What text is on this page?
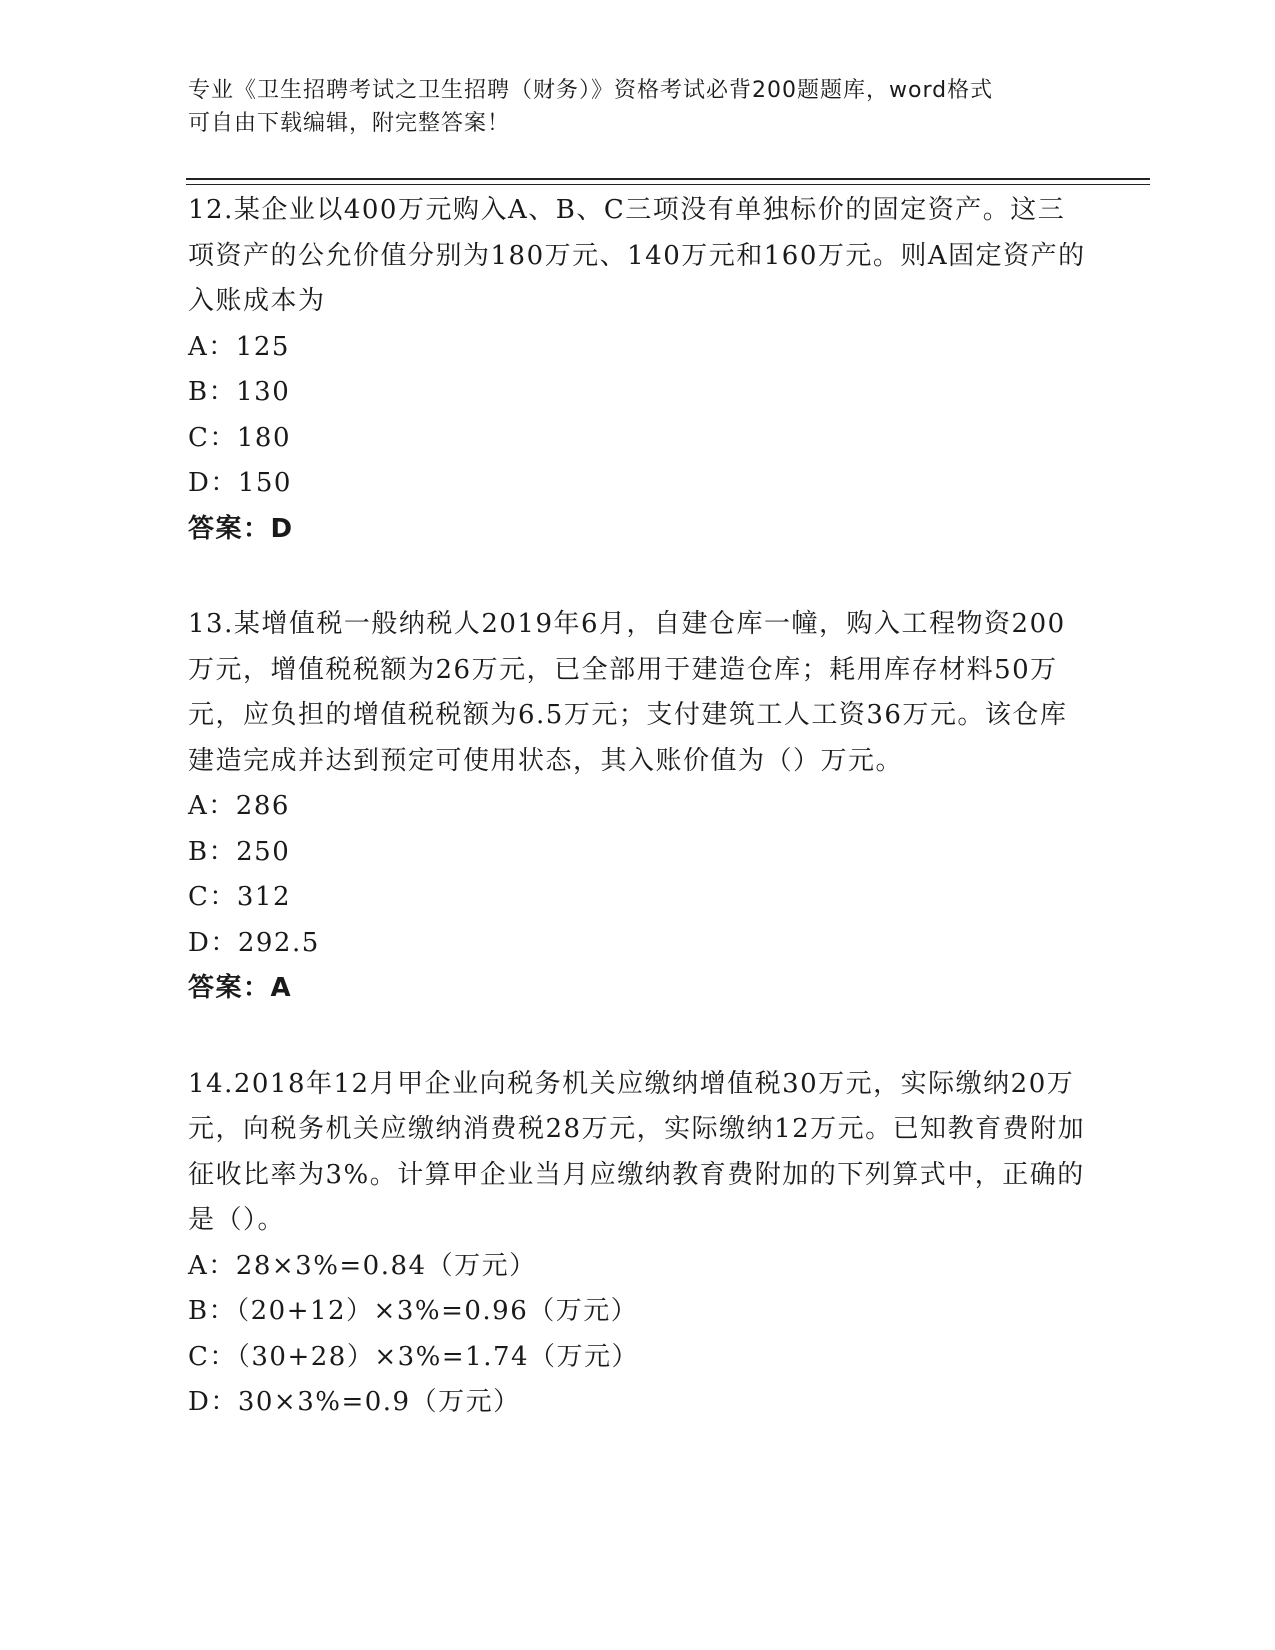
专业《卫生招聘考试之卫生招聘（财务）》资格考试必背200题题库，word格式
可自由下载编辑，附完整答案！

12.某企业以400万元购入A、B、C三项没有单独标价的固定资产。这三项资产的公允价值分别为180万元、140万元和160万元。则A固定资产的入账成本为

A：125

B：130

C：180

D：150

答案：D

13.某增值税一般纳税人2019年6月，自建仓库一幢，购入工程物资200万元，增值税税额为26万元，已全部用于建造仓库；耗用库存材料50万元，应负担的增值税税额为6.5万元；支付建筑工人工资36万元。该仓库建造完成并达到预定可使用状态，其入账价值为（）万元。

A：286

B：250

C：312

D：292.5

答案：A

14.2018年12月甲企业向税务机关应缴纳增值税30万元，实际缴纳20万元，向税务机关应缴纳消费税28万元，实际缴纳12万元。已知教育费附加征收比率为3%。计算甲企业当月应缴纳教育费附加的下列算式中，正确的是（）。

A：28×3%=0.84（万元）

B：（20+12）×3%=0.96（万元）

C：（30+28）×3%=1.74（万元）

D：30×3%=0.9（万元）
